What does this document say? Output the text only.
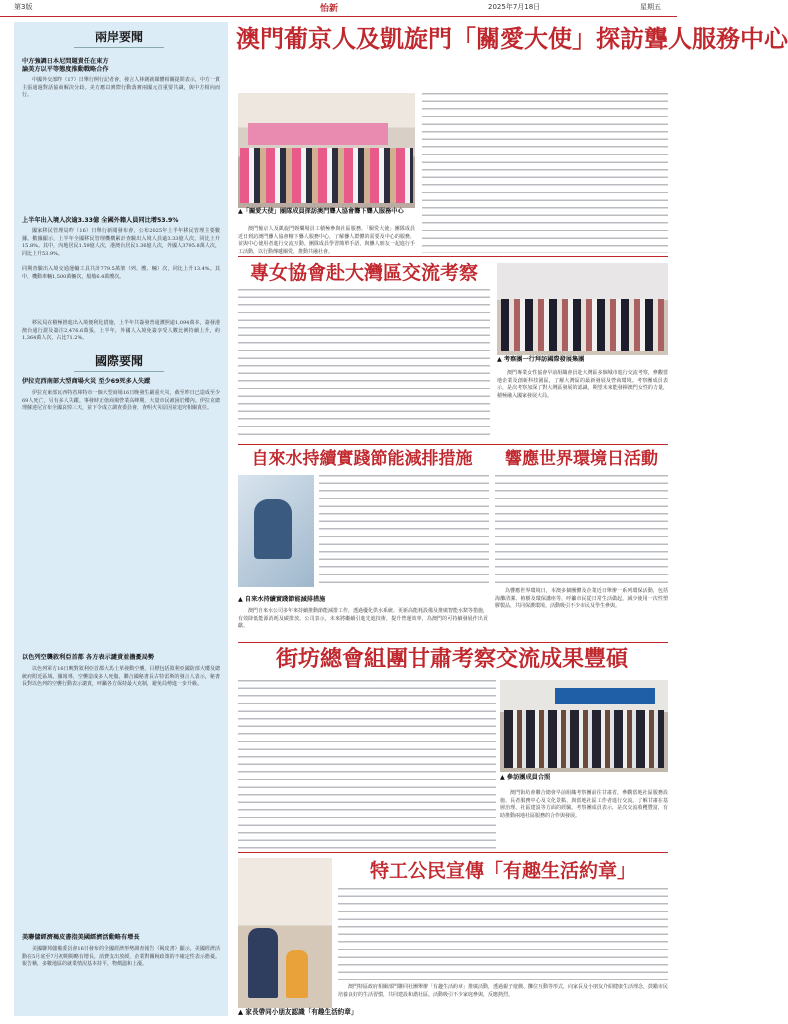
第3版	怡新	2025年7月18日	星期五
兩岸要聞
中方強調日本尼問題責任在東方
論美方以平等態度推動戰略合作
中國外交部昨（17）日舉行例行記者會，發言人林劍就媒體相關提問表示，中方一貫主張通過對話協商解決分歧。美方應以實際行動落實兩國元首重要共識，與中方相向而行。
上半年出入境人次逾3.33億 全國外籍人員同比增53.9%
國家移民管理局昨（16）日舉行新聞發布會，公布2025年上半年移民管理主要數據。數據顯示，上半年全國移民管理機構累計查驗出入境人員逾3.33億人次，同比上升15.8%。其中，內地居民1.59億人次，港澳台居民1.36億人次，外國人3795.8萬人次，同比上升53.9%。

同期查驗出入境交通運輸工具共計779.5萬架（列、艘、輛）次，同比上升13.4%。其中，機動車輛1,500萬輛次，船舶6.4萬艘次。
移民局在積極推進出入境便利化措施，上半年共簽發普通護照逾1,094萬本，簽發港澳台通行證及簽注2,476.6萬張，上半年，外國人入境免簽享受人數比例持續上升，約1,364萬人次，占比71.2%。
國際要聞
伊拉克西南部大型商場火災 至少69死多人失蹤
伊拉克東部瓦西特省庫特市一個大型商場16日晚發生嚴重火災，截至昨日已造成至少69人死亡，另有多人失蹤。事發時正值商場營業高峰期，大量市民被困於樓內。伊拉克總理蘇達尼宣布全國哀悼三天，並下令成立調查委員會，查明火災原因並追究相關責任。
以色列空襲敘利亞首都 各方表示譴責並擔憂局勢
以色列軍方16日晚對敘利亞首都大馬士革發動空襲，目標包括敘利亞國防部大樓及總統府附近區域。據報導，空襲造成多人死傷。聯合國秘書長古特雷斯的發言人表示，秘書長對以色列的空襲行動表示譴責，呼籲各方保持最大克制，避免局勢進一步升級。
美聯儲經濟褐皮書指美國經濟活動略有增長
美國聯邦儲備委員會16日發布的全國經濟形勢調查報告（褐皮書）顯示，美國經濟活動在5月底至7月初期間略有增長，消費支出放緩，企業對關稅政策的不確定性表示擔憂。報告稱，多數地區的就業情況基本持平，物價溫和上漲。
澳門葡京人及凱旋門「關愛大使」探訪聾人服務中心
▲「關愛大使」團隊成員探訪澳門聾人協會聾下聾人服務中心
澳門葡京人及凱旋門娛樂場員工積極參與社區服務，「關愛大使」團隊成員近日到訪澳門聾人協會轄下聾人服務中心，了解聾人群體的需要及中心的服務，並與中心使用者進行交流互動。團隊成員學習簡單手語，與聾人朋友一起進行手工活動，以行動傳遞關愛，推動共融社會。
專女協會赴大灣區交流考察
▲ 考察團一行拜訪國際發展集團
澳門專業女性協會早前組織會員赴大灣區多個城市進行交流考察，參觀當地企業及創新科技園區，了解大灣區的最新發展及營商環境。考察團成員表示，是次考察加深了對大灣區發展的認識，期望未來能發揮澳門女性的力量，積極融入國家發展大局。
自來水持續實踐節能減排措施
▲ 自來水持續實踐節能減排措施
澳門自來水公司多年來持續推動節能減排工作，透過優化供水系統、更新高能耗設備及推廣智能水錶等措施，有效降低能源消耗及碳排放。公司表示，未來將繼續引進先進技術，提升營運效率，為澳門的可持續發展作出貢獻。
響應世界環境日活動
為響應世界環境日，本澳多個團體及企業近日舉辦一系列環保活動，包括海灘清潔、植樹及環保講座等，呼籲市民從日常生活做起，減少使用一次性塑膠製品，共同保護環境。活動吸引不少市民及學生參與。
街坊總會組團甘肅考察交流成果豐碩
▲ 參訪團成員合照
澳門街坊會聯合總會早前組織考察團前往甘肅省，參觀當地社區服務設施、長者服務中心及文化景點，與當地社區工作者進行交流，了解甘肅在基層治理、社區建設等方面的經驗。考察團成員表示，是次交流收穫豐富，有助推動兩地社區服務的合作與發展。
▲ 家長帶同小朋友認識「有趣生活約章」
特工公民宣傳「有趣生活約章」
澳門特區政府相關部門聯同社團舉辦「有趣生活約章」推廣活動，透過親子遊戲、攤位互動等形式，向家長及小朋友介紹健康生活理念，鼓勵市民培養良好的生活習慣，共同建設和諧社區。活動吸引不少家庭參與，反應熱烈。
